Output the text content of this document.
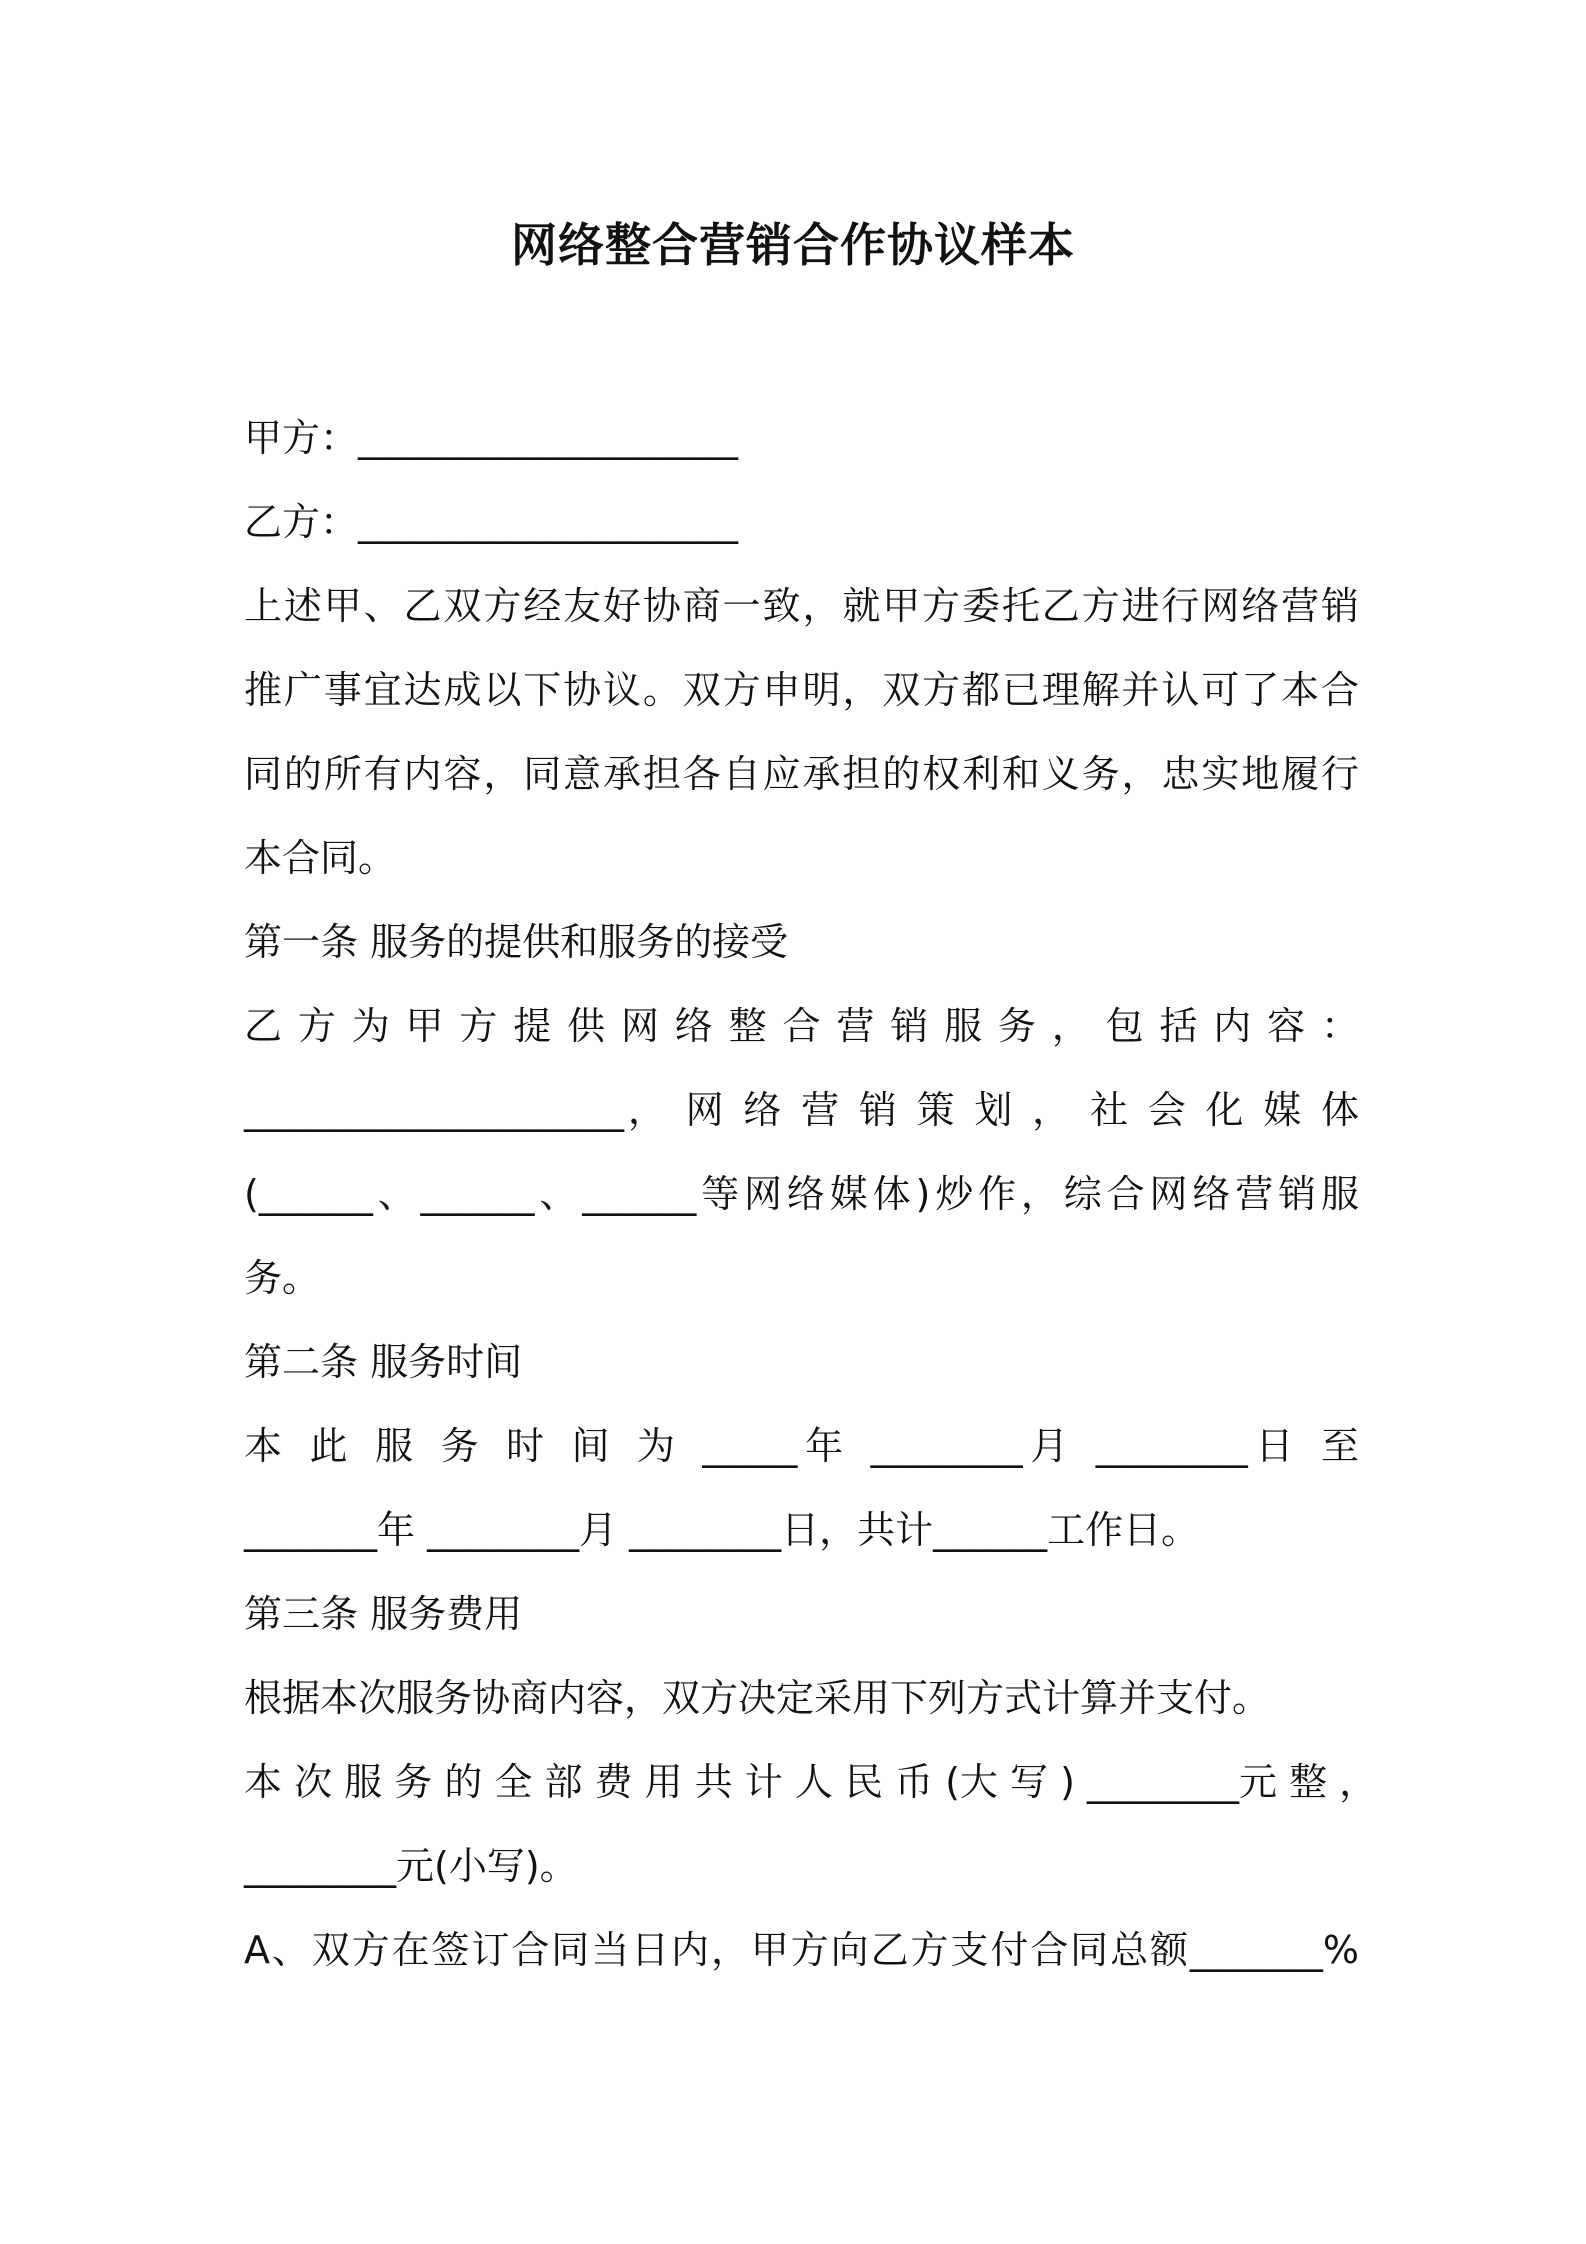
网络整合营销合作协议样本
甲方：____________________
乙方：____________________
上述甲、乙双方经友好协商一致，就甲方委托乙方进行网络营销
推广事宜达成以下协议。双方申明，双方都已理解并认可了本合
同的所有内容，同意承担各自应承担的权利和义务，忠实地履行
本合同。
第一条 服务的提供和服务的接受
乙 方 为 甲 方 提 供 网 络 整 合 营 销 服 务 ， 包 括 内 容 ：
____________________， 网 络 营 销 策 划 ， 社 会 化 媒 体
(______、______、______等网络媒体)炒作，综合网络营销服
务。
第二条 服务时间
本 此 服 务 时 间 为 _____年 ________月 ________日 至
_______年 ________月 ________日，共计______工作日。
第三条 服务费用
根据本次服务协商内容，双方决定采用下列方式计算并支付。
本 次 服 务 的 全 部 费 用 共 计 人 民 币 (大 写 ) ________元 整 ，
________元(小写)。
A、双方在签订合同当日内，甲方向乙方支付合同总额_______%
